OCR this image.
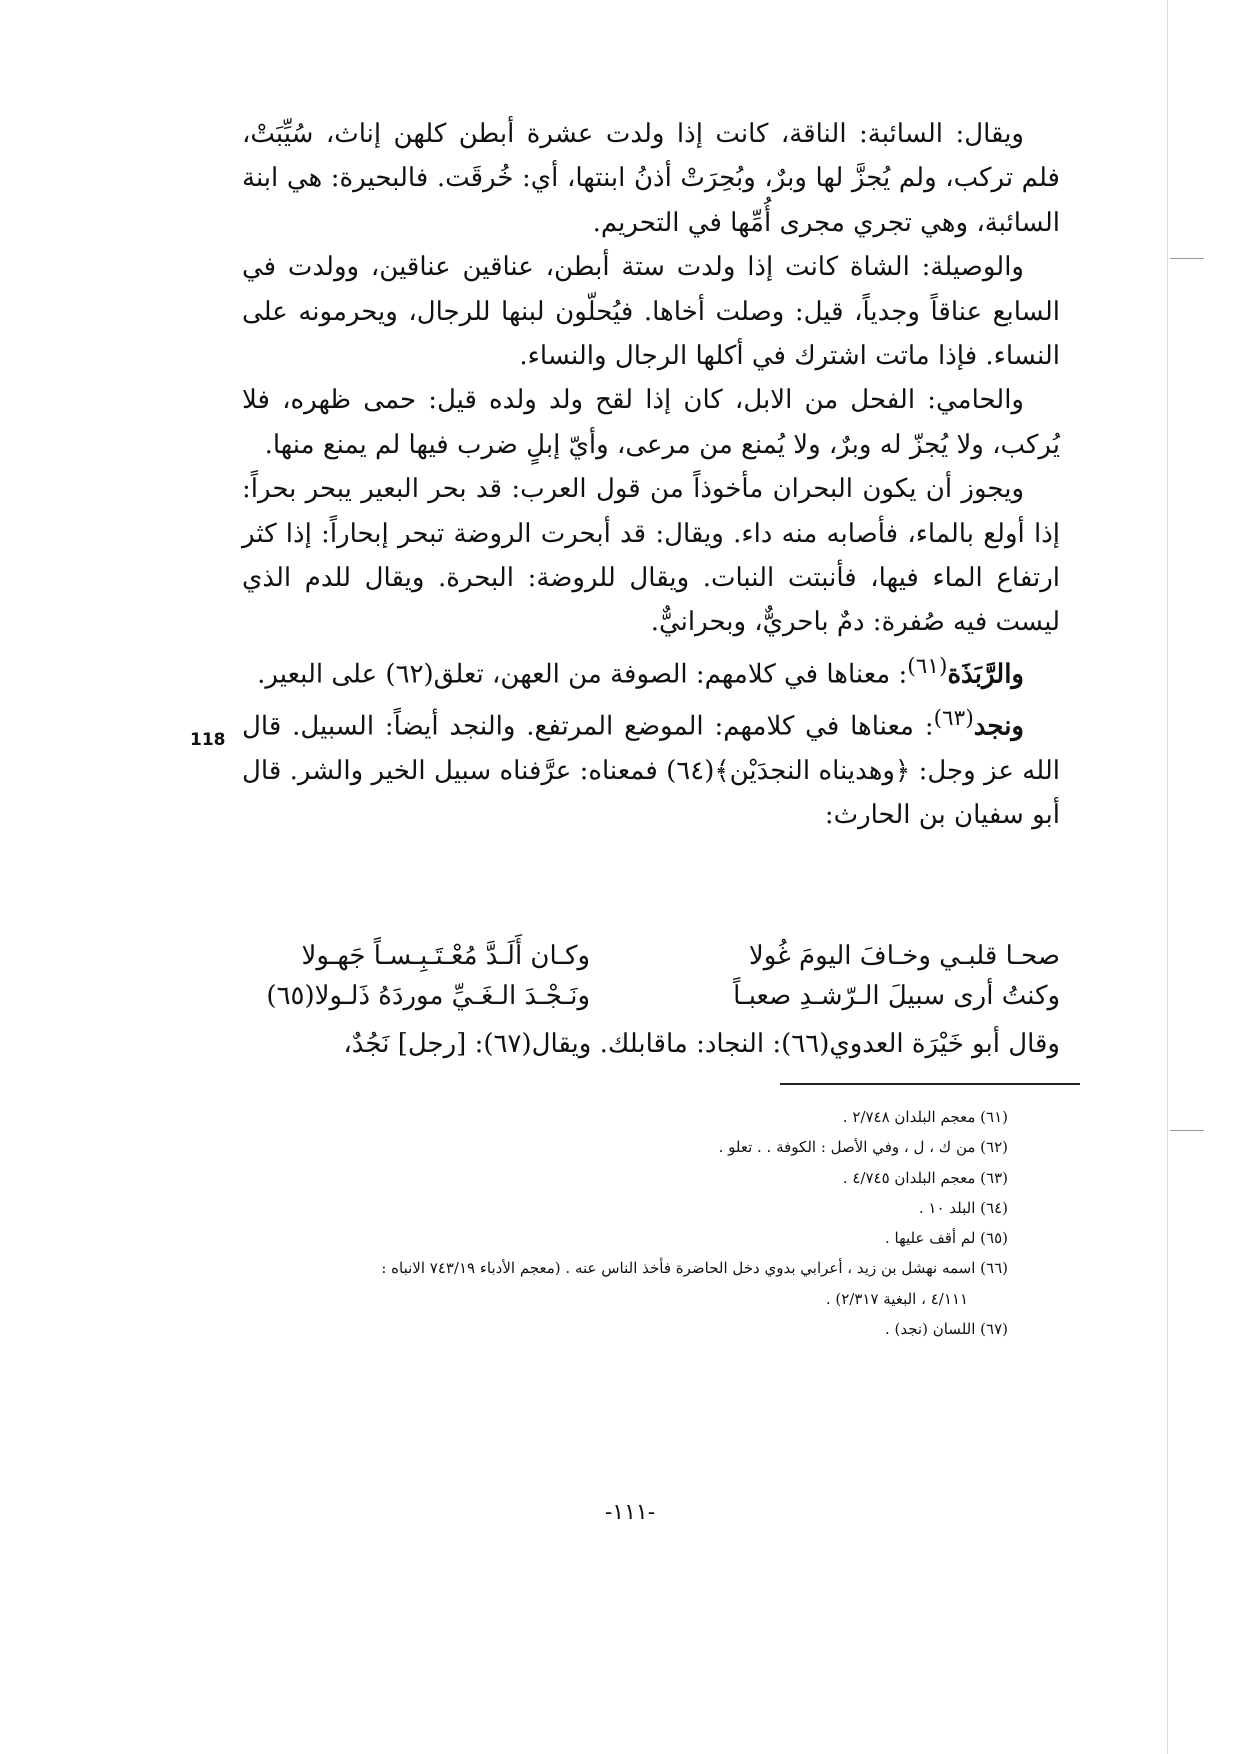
ويقال: السائبة: الناقة، كانت إذا ولدت عشرة أبطن كلهن إناث، سُيِّبَتْ، فلم تركب، ولم يُجزَّ لها وبرٌ، وبُحِرَتْ أذنُ ابنتها، أي: خُرقَت. فالبحيرة: هي ابنة السائبة، وهي تجري مجرى أُمِّها في التحريم.

والوصيلة: الشاة كانت إذا ولدت ستة أبطن، عناقين عناقين، وولدت في السابع عناقاً وجدياً، قيل: وصلت أخاها. فيُحلّون لبنها للرجال، ويحرمونه على النساء. فإذا ماتت اشترك في أكلها الرجال والنساء.

والحامي: الفحل من الابل، كان إذا لقح ولد ولده قيل: حمى ظهره، فلا يُركب، ولا يُجزّ له وبرٌ، ولا يُمنع من مرعى، وأيّ إبلٍ ضرب فيها لم يمنع منها.

ويجوز أن يكون البحران مأخوذاً من قول العرب: قد بحر البعير يبحر بحراً: إذا أولع بالماء، فأصابه منه داء. ويقال: قد أبحرت الروضة تبحر إبحاراً: إذا كثر ارتفاع الماء فيها، فأنبتت النبات. ويقال للروضة: البحرة. ويقال للدم الذي ليست فيه صُفرة: دمٌ باحريٌّ، وبحرانيٌّ.

والرَّبَذَة$^{(٦١)}$: معناها في كلامهم: الصوفة من العهن، تعلق(٦٢) على البعير.

ونجد$^{(٦٣)}$: معناها في كلامهم: الموضع المرتفع. والنجد أيضاً: السبيل. قال الله عز وجل: ﴿وهديناه النجدَيْن﴾(٦٤) فمعناه: عرَّفناه سبيل الخير والشر. قال أبو سفيان بن الحارث:

118
صحـا قلبـي وخـافَ اليومَ غُولا
وكـان أَلَـدَّ مُعْـتَـبِـسـاً جَهـولا
وكنتُ أرى سبيلَ الـرّشـدِ صعبـاً
ونَـجْـدَ الـغَـيِّ موردَهُ ذَلـولا(٦٥)
وقال أبو خَيْرَة العدوي(٦٦): النجاد: ماقابلك. ويقال(٦٧): [رجل] نَجُدٌ،
(٦١) معجم البلدان ٢/٧٤٨ .
(٦٢) من ك ، ل ، وفي الأصل : الكوفة . . تعلو .
(٦٣) معجم البلدان ٤/٧٤٥ .
(٦٤) البلد ١٠ .
(٦٥) لم أقف عليها .
(٦٦) اسمه نهشل بن زيد ، أعرابي بدوي دخل الحاضرة فأخذ الناس عنه . (معجم الأدباء ٧٤٣/١٩ الانباه :
٤/١١١ ، البغية ٢/٣١٧) .
(٦٧) اللسان (نجد) .
-١١١-
